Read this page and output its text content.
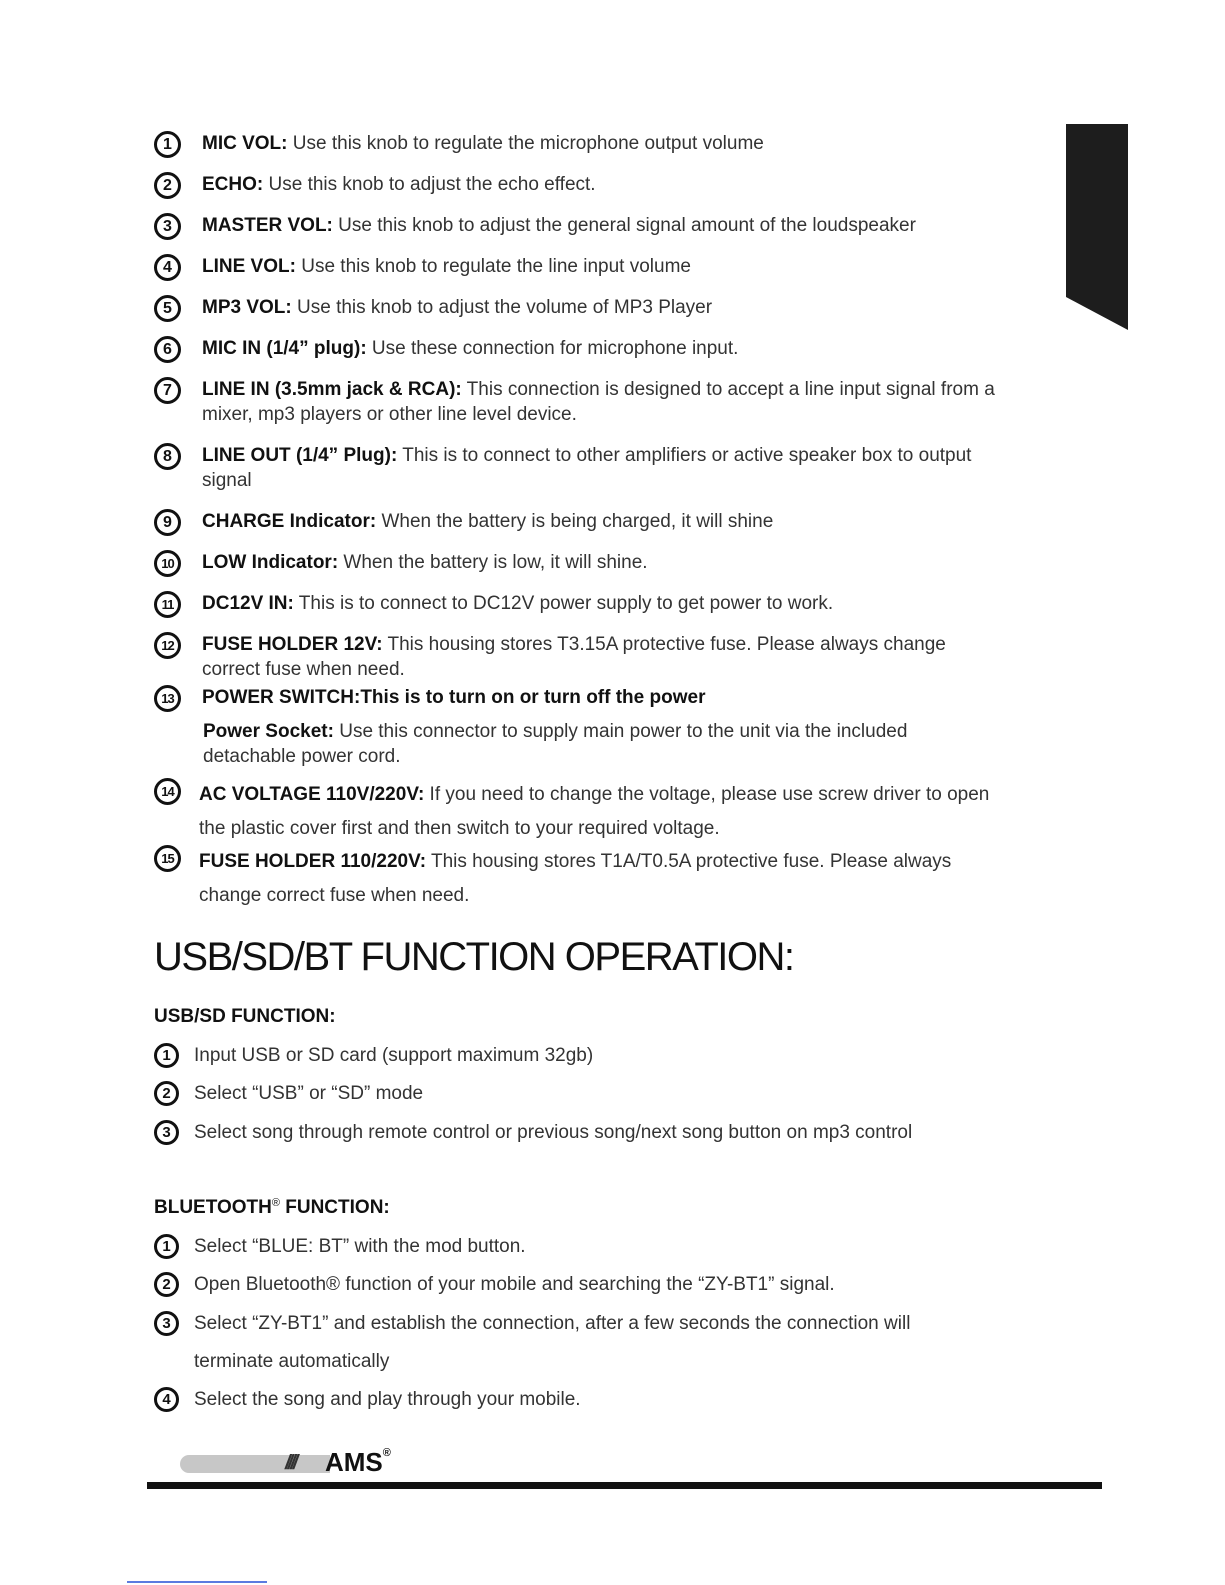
1	MIC VOL: Use this knob to regulate the microphone output volume
2	ECHO: Use this knob to adjust the echo effect.
3	MASTER VOL: Use this knob to adjust the general signal amount of the loudspeaker
4	LINE VOL: Use this knob to regulate the line input volume
5	MP3 VOL: Use this knob to adjust the volume of MP3 Player
6	MIC IN (1/4” plug): Use these connection for microphone input.
7	LINE IN (3.5mm jack & RCA): This connection is designed to accept a line input signal from a mixer, mp3 players or other line level device.
8	LINE OUT (1/4” Plug): This is to connect to other amplifiers or active speaker box to output signal
9	CHARGE Indicator: When the battery is being charged, it will shine
10	LOW Indicator: When the battery is low, it will shine.
11	DC12V IN: This is to connect to DC12V power supply to get power to work.
12	FUSE HOLDER 12V: This housing stores T3.15A protective fuse. Please always change correct fuse when need.
13	POWER SWITCH:This is to turn on or turn off the power
Power Socket: Use this connector to supply main power to the unit via the included detachable power cord.
14	AC VOLTAGE 110V/220V: If you need to change the voltage, please use screw driver to open the plastic cover first and then switch to your required voltage.
15	FUSE HOLDER 110/220V: This housing stores T1A/T0.5A protective fuse. Please always change correct fuse when need.
USB/SD/BT FUNCTION OPERATION:
USB/SD FUNCTION:
1	Input USB or SD card (support maximum 32gb)
2	Select “USB” or “SD” mode
3	Select song through remote control or previous song/next song button on mp3 control
BLUETOOTH® FUNCTION:
1	Select “BLUE: BT” with the mod button.
2	Open Bluetooth® function of your mobile and searching the “ZY-BT1” signal.
3	Select “ZY-BT1” and establish the connection, after a few seconds the connection will terminate automatically
4	Select the song and play through your mobile.
//// AMS®
